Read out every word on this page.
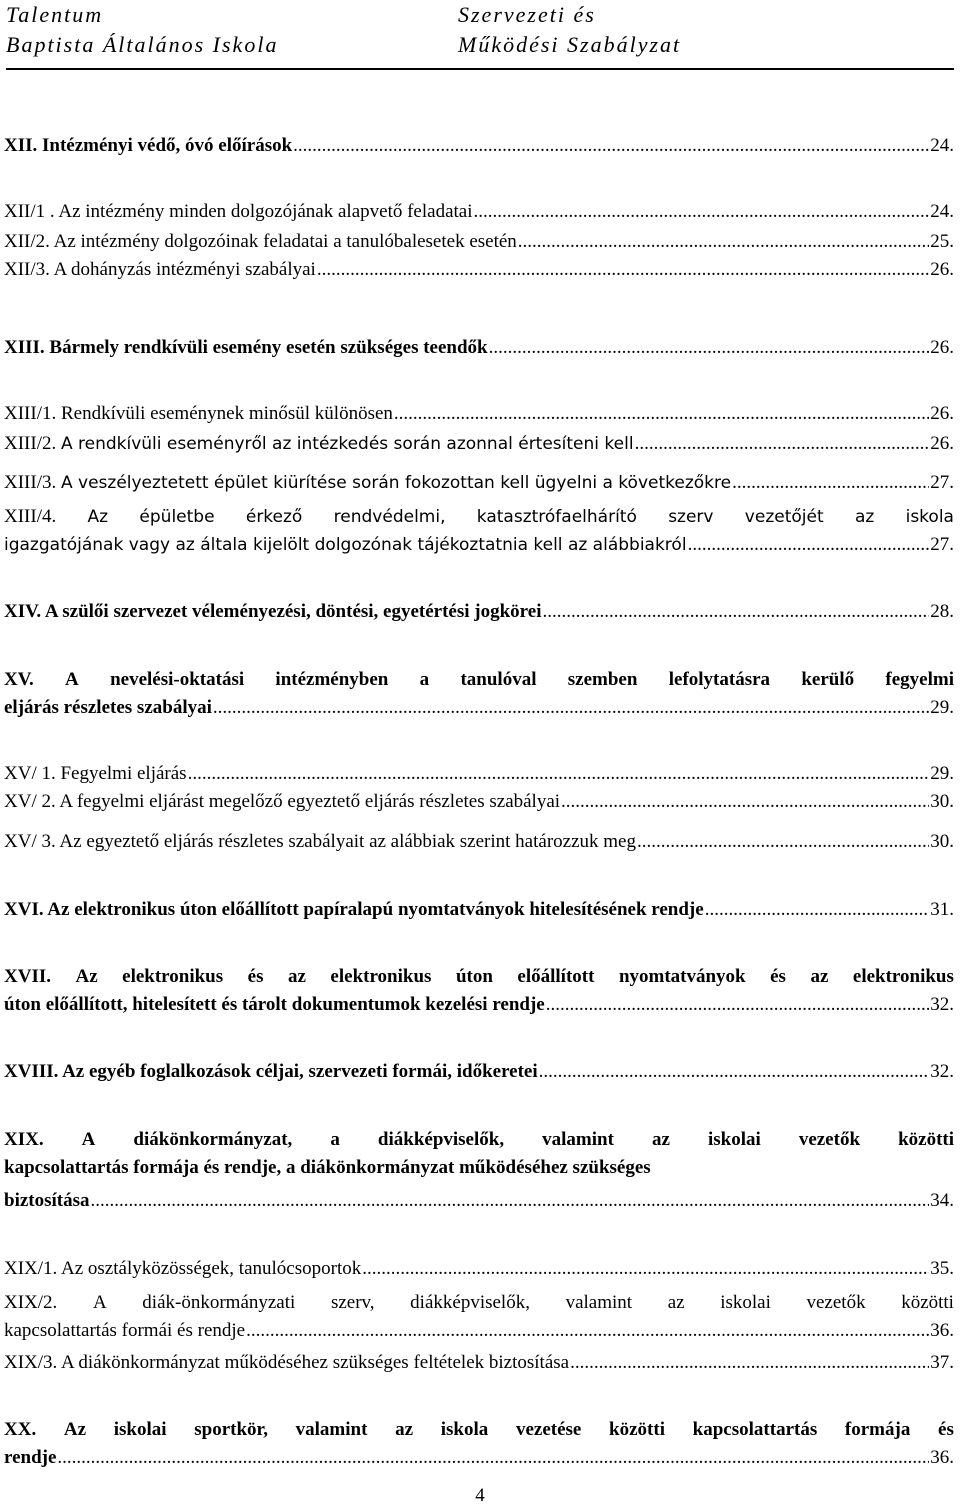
Talentum
Baptista Általános Iskola
Szervezeti és
Működési Szabályzat
XII. Intézményi védő, óvó előírások .....	24.
XII/1 . Az intézmény minden dolgozójának alapvető feladatai .....	24.
XII/2. Az intézmény dolgozóinak feladatai a tanulóbalesetek esetén .....	25.
XII/3. A dohányzás intézményi szabályai .....	26.
XIII. Bármely rendkívüli esemény esetén szükséges teendők .....	26.
XIII/1. Rendkívüli eseménynek minősül különösen .....	26.
XIII/2. A rendkívüli eseményről az intézkedés során azonnal értesíteni kell .....	26.
XIII/3. A veszélyeztetett épület kiürítése során fokozottan kell ügyelni a következőkre .....	27.
XIII/4. Az épületbe érkező rendvédelmi, katasztrófaelhárító szerv vezetőjét az iskola
igazgatójának vagy az általa kijelölt dolgozónak tájékoztatnia kell az alábbiakról .....	27.
XIV. A szülői szervezet véleményezési, döntési, egyetértési jogkörei .....	28.
XV. A nevelési-oktatási intézményben a tanulóval szemben lefolytatásra kerülő fegyelmi
eljárás részletes szabályai .....	29.
XV/ 1. Fegyelmi eljárás .....	29.
XV/ 2. A fegyelmi eljárást megelőző egyeztető eljárás részletes szabályai .....	30.
XV/ 3. Az egyeztető eljárás részletes szabályait az alábbiak szerint határozzuk meg .....	30.
XVI. Az elektronikus úton előállított papíralapú nyomtatványok hitelesítésének rendje .....	31.
XVII. Az elektronikus és az elektronikus úton előállított nyomtatványok és az elektronikus
úton előállított, hitelesített és tárolt dokumentumok kezelési rendje .....	32.
XVIII. Az egyéb foglalkozások céljai, szervezeti formái, időkeretei .....	32.
XIX. A diákönkormányzat, a diákképviselők, valamint az iskolai vezetők közötti
kapcsolattartás formája és rendje, a diákönkormányzat működéséhez szükséges
biztosítása .....	34.
XIX/1. Az osztályközösségek, tanulócsoportok .....	35.
XIX/2. A diák-önkormányzati szerv, diákképviselők, valamint az iskolai vezetők közötti
kapcsolattartás formái és rendje .....	36.
XIX/3. A diákönkormányzat működéséhez szükséges feltételek biztosítása .....	37.
XX. Az iskolai sportkör, valamint az iskola vezetése közötti kapcsolattartás formája és
rendje .....	36.
4
